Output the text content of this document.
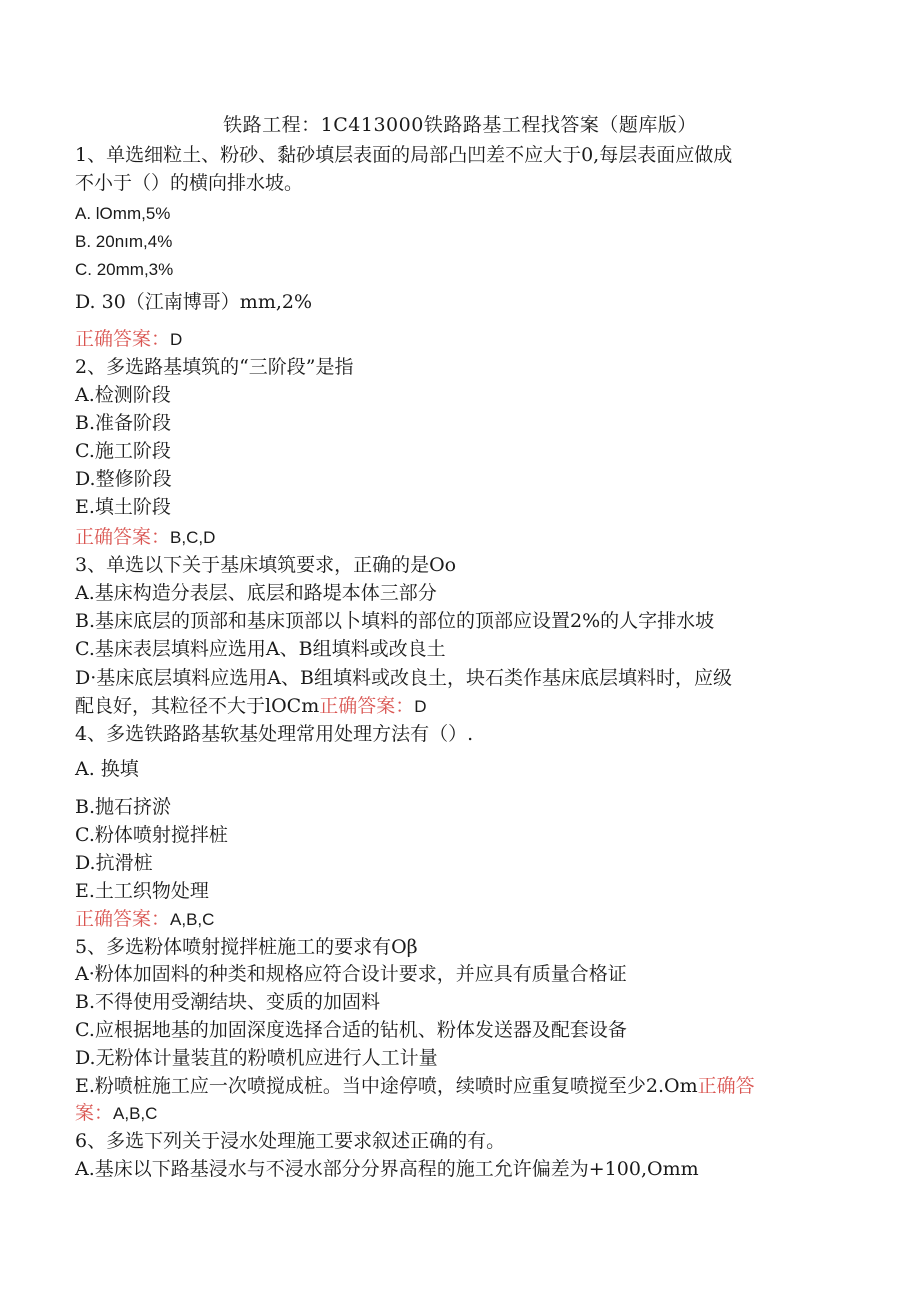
铁路工程：1C413000铁路路基工程找答案（题库版）
1、单选细粒土、粉砂、黏砂填层表面的局部凸凹差不应大于0,每层表面应做成
不小于（）的横向排水坡。
A. lOmm,5%
B. 20nım,4%
C. 20mm,3%
D. 30（江南博哥）mm,2%
正确答案：D
2、多选路基填筑的“三阶段”是指
A.检测阶段
B.准备阶段
C.施工阶段
D.整修阶段
E.填土阶段
正确答案：B,C,D
3、单选以下关于基床填筑要求，正确的是Oo
A.基床构造分表层、底层和路堤本体三部分
B.基床底层的顶部和基床顶部以卜填料的部位的顶部应设置2%的人字排水坡
C.基床表层填料应选用A、B组填料或改良土
D·基床底层填料应选用A、B组填料或改良土，块石类作基床底层填料时，应级
配良好，其粒径不大于lOCm正确答案：D
4、多选铁路路基软基处理常用处理方法有（）.
A. 换填
B.抛石挤淤
C.粉体喷射搅拌桩
D.抗滑桩
E.土工织物处理
正确答案：A,B,C
5、多选粉体喷射搅拌桩施工的要求有Oβ
A·粉体加固料的种类和规格应符合设计要求，并应具有质量合格证
B.不得使用受潮结块、变质的加固料
C.应根据地基的加固深度选择合适的钻机、粉体发送器及配套设备
D.无粉体计量装苴的粉喷机应进行人工计量
E.粉喷桩施工应一次喷搅成桩。当中途停喷，续喷时应重复喷搅至少2.Om正确答
案：A,B,C
6、多选下列关于浸水处理施工要求叙述正确的有。
A.基床以下路基浸水与不浸水部分分界高程的施工允许偏差为+100,Omm
